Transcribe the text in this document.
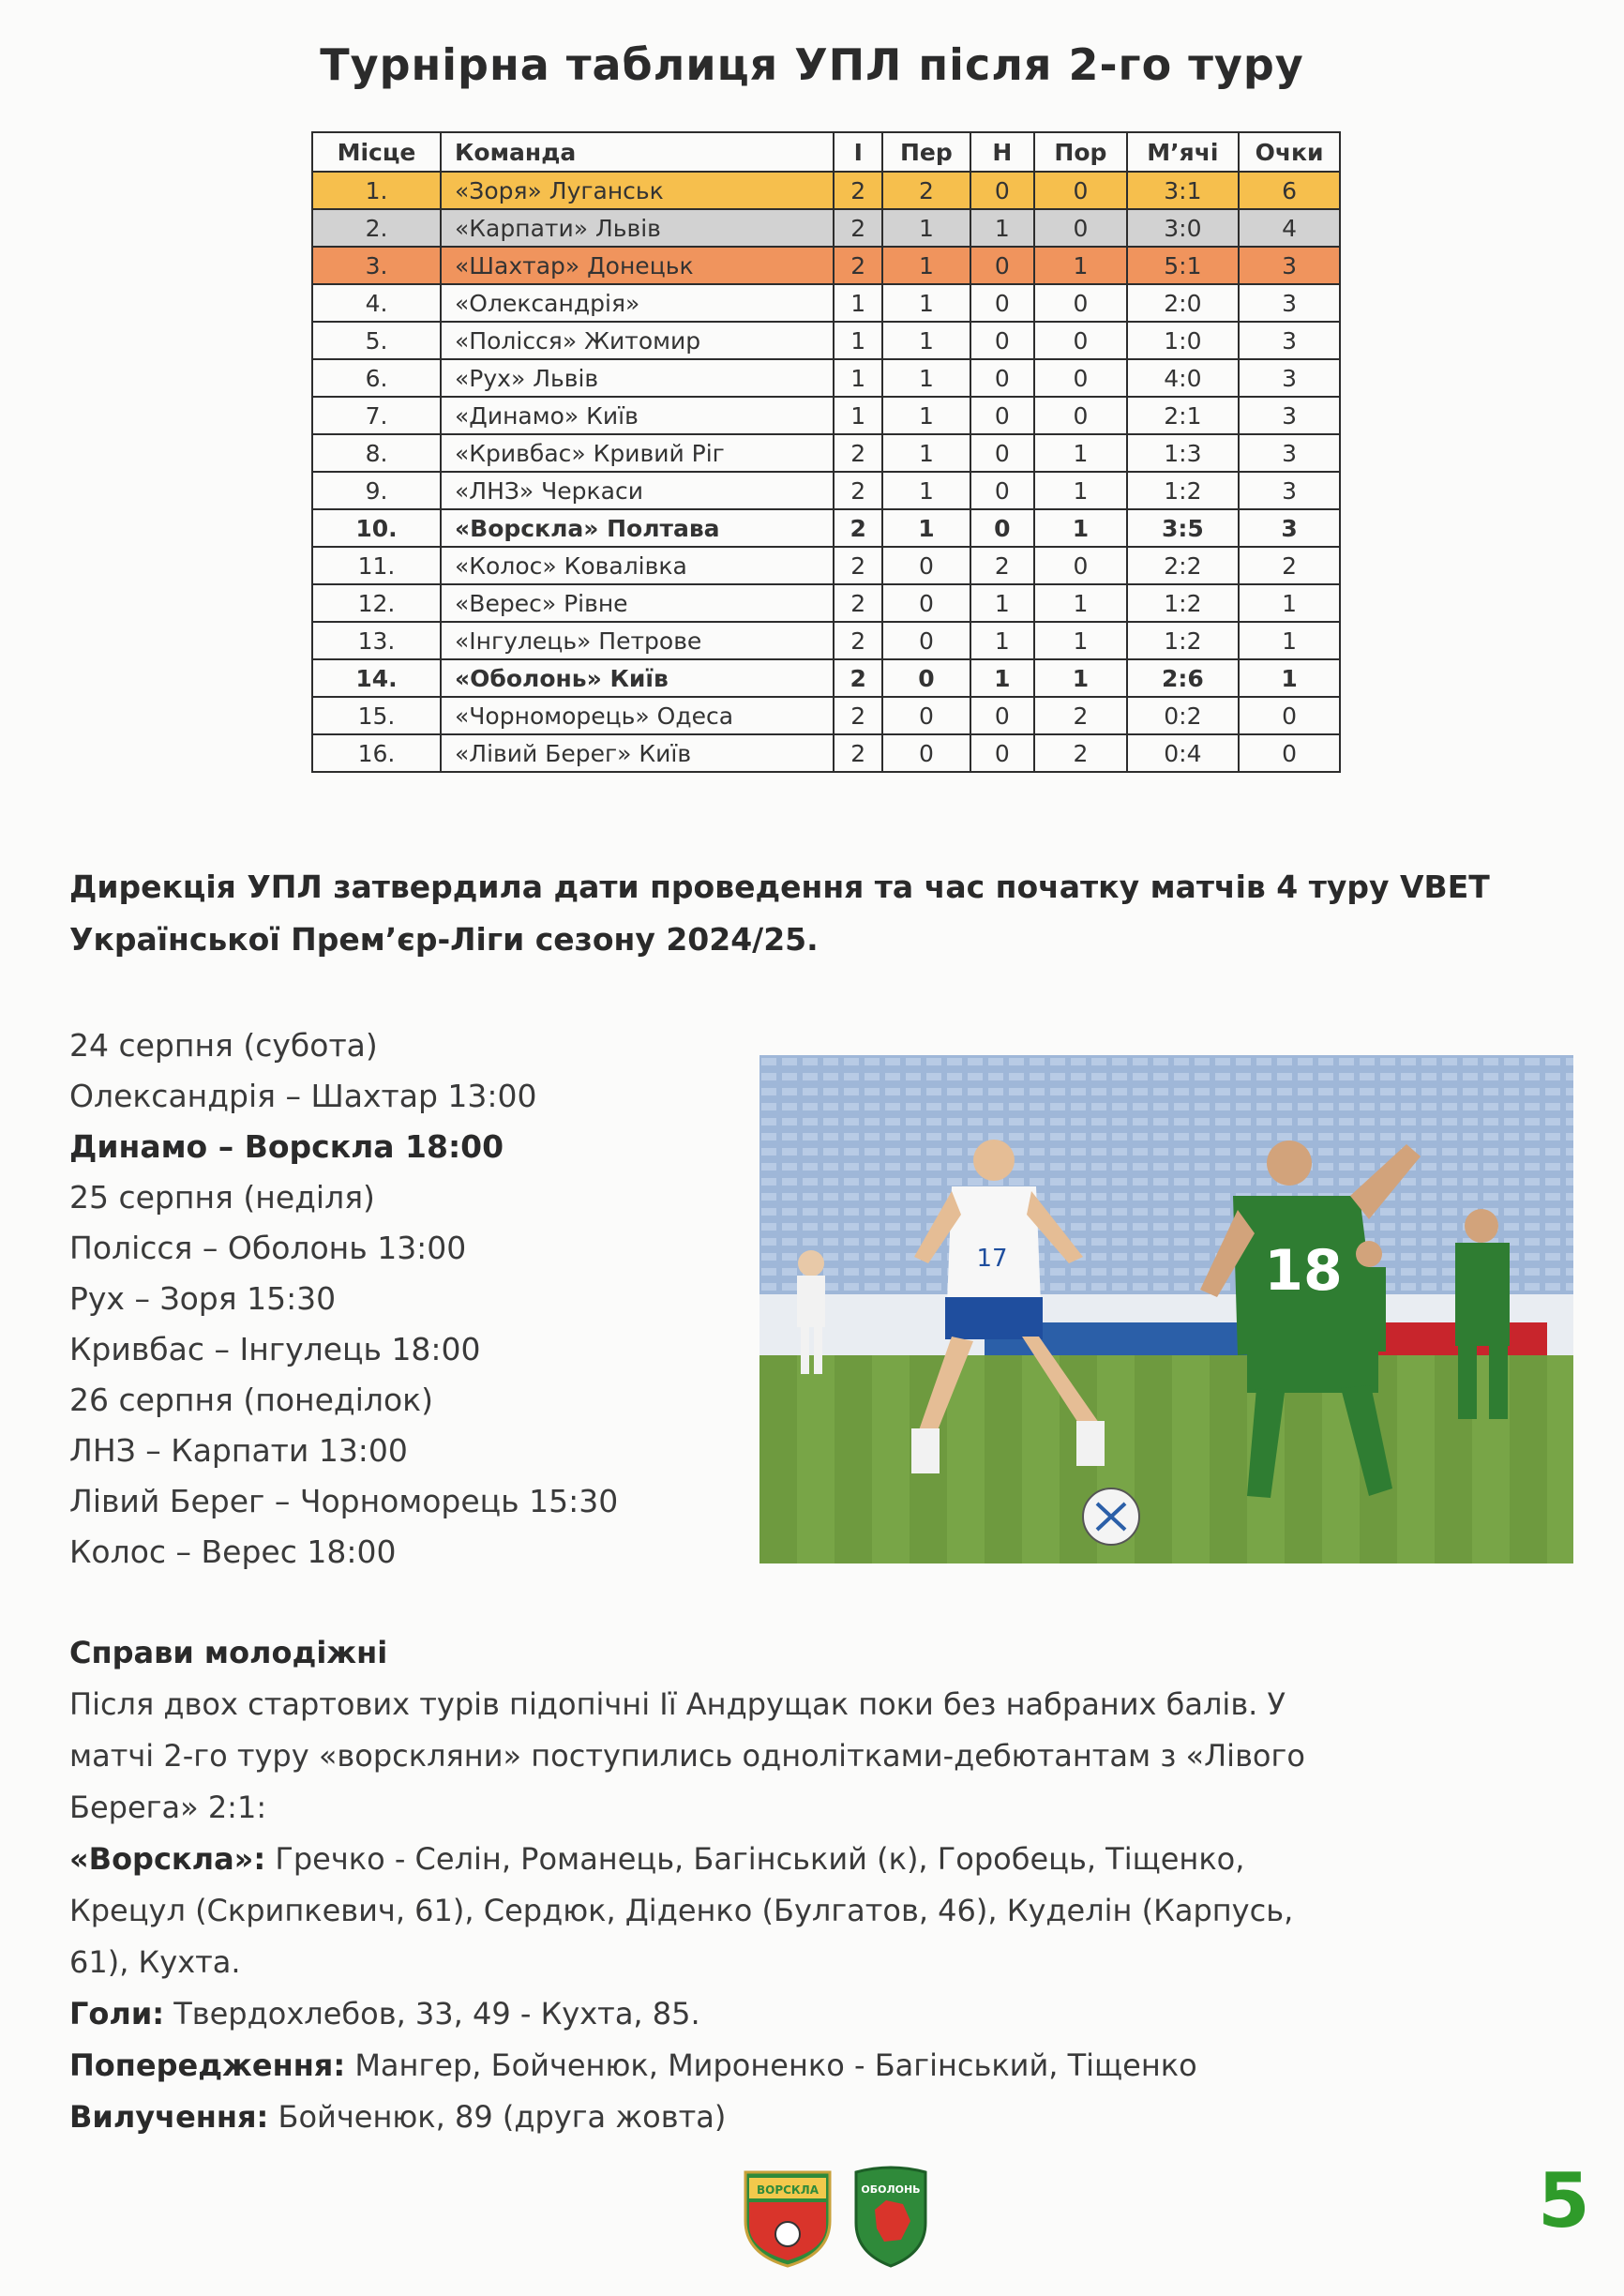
Турнірна таблиця УПЛ після 2-го туру
Місце	Команда	І	Пер	Н	Пор	М’ячі	Очки
1.	«Зоря» Луганськ	2	2	0	0	3:1	6
2.	«Карпати» Львів	2	1	1	0	3:0	4
3.	«Шахтар» Донецьк	2	1	0	1	5:1	3
4.	«Олександрія»	1	1	0	0	2:0	3
5.	«Полісся» Житомир	1	1	0	0	1:0	3
6.	«Рух» Львів	1	1	0	0	4:0	3
7.	«Динамо» Київ	1	1	0	0	2:1	3
8.	«Кривбас» Кривий Ріг	2	1	0	1	1:3	3
9.	«ЛНЗ» Черкаси	2	1	0	1	1:2	3
10.	«Ворскла» Полтава	2	1	0	1	3:5	3
11.	«Колос» Ковалівка	2	0	2	0	2:2	2
12.	«Верес» Рівне	2	0	1	1	1:2	1
13.	«Інгулець» Петрове	2	0	1	1	1:2	1
14.	«Оболонь» Київ	2	0	1	1	2:6	1
15.	«Чорноморець» Одеса	2	0	0	2	0:2	0
16.	«Лівий Берег» Київ	2	0	0	2	0:4	0
Дирекція УПЛ затвердила дати проведення та час початку матчів 4 туру VBET
Української Прем’єр-Ліги сезону 2024/25.
24 серпня (субота)
Олександрія – Шахтар 13:00
Динамо – Ворскла 18:00
25 серпня (неділя)
Полісся – Оболонь 13:00
Рух – Зоря 15:30
Кривбас – Інгулець 18:00
26 серпня (понеділок)
ЛНЗ – Карпати 13:00
Лівий Берег – Чорноморець 15:30
Колос – Верес 18:00
17	18
Справи молодіжні
Після двох стартових турів підопічні Ії Андрущак поки без набраних балів. У
матчі 2-го туру «ворскляни» поступились однолітками-дебютантам з «Лівого
Берега» 2:1:
«Ворскла»: Гречко - Селін, Романець, Багінський (к), Горобець, Тіщенко,
Крецул (Скрипкевич, 61), Сердюк, Діденко (Булгатов, 46), Куделін (Карпусь,
61), Кухта.
Голи: Твердохлебов, 33, 49 - Кухта, 85.
Попередження: Мангер, Бойченюк, Мироненко - Багінський, Тіщенко
Вилучення: Бойченюк, 89 (друга жовта)
ВОРСКЛА	ОБОЛОНЬ	5
